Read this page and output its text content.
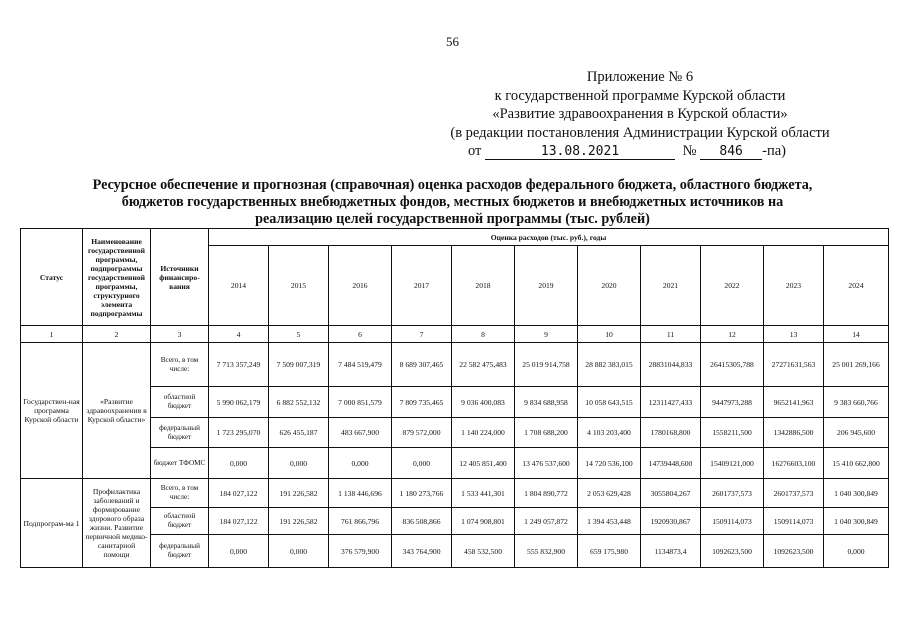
56
Приложение № 6
к государственной программе Курской области
«Развитие здравоохранения в Курской области»
(в редакции постановления Администрации Курской области
от	13.08.2021	№ 846 -па)
Ресурсное обеспечение и прогнозная (справочная) оценка расходов федерального бюджета, областного бюджета,
бюджетов государственных внебюджетных фондов, местных бюджетов и внебюджетных источников на
реализацию целей государственной программы (тыс. рублей)
Статус	Наименование государственной программы, подпрограммы государственной программы, структурного элемента подпрограммы	Источники финансиро-вания	Оценка расходов (тыс. руб.), годы										
			2014	2015	2016	2017	2018	2019	2020	2021	2022	2023	2024
1	2	3	4	5	6	7	8	9	10	11	12	13	14
Государствен-ная программа Курской области	«Развитие здравоохранения в Курской области»	Всего, в том числе:	7 713 357,249	7 509 007,319	7 484 519,479	8 689 307,465	22 582 475,483	25 019 914,758	28 882 383,015	28831044,833	26415305,788	27271631,563	25 001 269,166
		областной бюджет	5 990 062,179	6 882 552,132	7 000 851,579	7 809 735,465	9 036 400,083	9 834 688,958	10 058 643,515	12311427,433	9447973,288	9652141,963	9 383 660,766
		федеральный бюджет	1 723 295,070	626 455,187	483 667,900	879 572,000	1 140 224,000	1 708 688,200	4 103 203,400	1780168,800	1558211,500	1342886,500	206 945,600
		бюджет ТФОМС	0,000	0,000	0,000	0,000	12 405 851,400	13 476 537,600	14 720 536,100	14739448,600	15409121,000	16276603,100	15 410 662,800
Подпрограм-ма 1	Профилактика заболеваний и формирование здорового образа жизни. Развитие первичной медико-санитарной помощи	Всего, в том числе:	184 027,122	191 226,582	1 138 446,696	1 180 273,766	1 533 441,301	1 804 890,772	2 053 629,428	3055804,267	2601737,573	2601737,573	1 040 300,849
		областной бюджет	184 027,122	191 226,582	761 866,796	836 508,866	1 074 908,801	1 249 057,872	1 394 453,448	1920930,867	1509114,073	1509114,073	1 040 300,849
		федеральный бюджет	0,000	0,000	376 579,900	343 764,900	458 532,500	555 832,900	659 175,980	1134873,4	1092623,500	1092623,500	0,000
